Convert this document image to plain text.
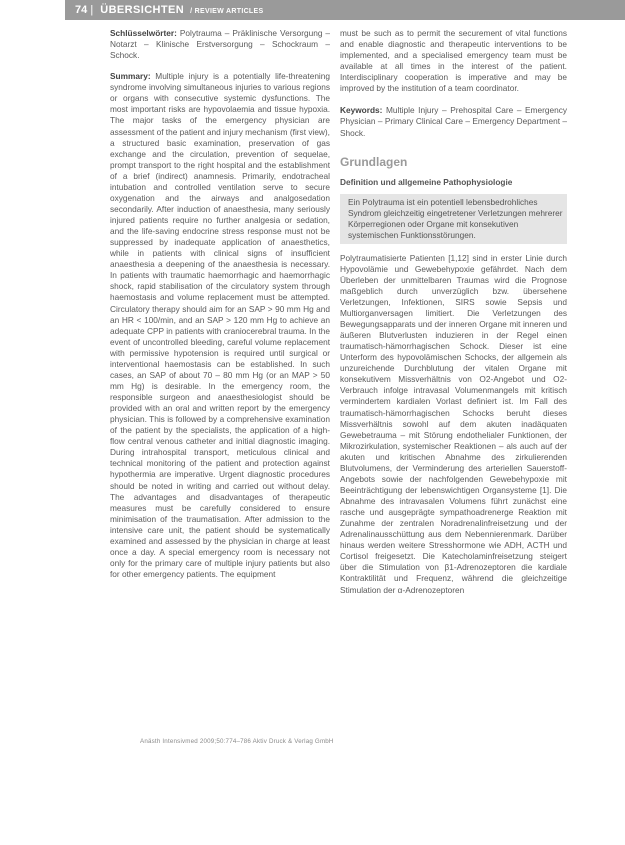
74 | ÜBERSICHTEN / REVIEW ARTICLES

Schlüsselwörter: Polytrauma – Präklinische Versorgung – Notarzt – Klinische Erstversorgung – Schockraum – Schock.

Summary: Multiple injury is a potentially life-threatening syndrome involving simultaneous injuries to various regions or organs with consecutive systemic dysfunctions. The most important risks are hypovolaemia and tissue hypoxia. The major tasks of the emergency physician are assessment of the patient and injury mechanism (first view), a structured basic examination, preservation of gas exchange and the circulation, prevention of sequelae, prompt transport to the right hospital and the establishment of a brief (indirect) anamnesis. Primarily, endotracheal intubation and controlled ventilation serve to secure oxygenation and the airways and analgosedation secondarily. After induction of anaesthesia, many seriously injured patients require no further analgesia or sedation, and the life-saving endocrine stress response must not be suppressed by inadequate application of anaesthetics, while in patients with clinical signs of insufficient anaesthesia a deepening of the anaesthesia is necessary. In patients with traumatic haemorrhagic and haemorrhagic shock, rapid stabilisation of the circulatory system through haemostasis and volume replacement must be attempted. Circulatory therapy should aim for an SAP > 90 mm Hg and an HR < 100/min, and an SAP > 120 mm Hg to achieve an adequate CPP in patients with craniocerebral trauma. In the event of uncontrolled bleeding, careful volume replacement with permissive hypotension is required until surgical or interventional haemostasis can be established. In such cases, an SAP of about 70 – 80 mm Hg (or an MAP > 50 mm Hg) is desirable. In the emergency room, the responsible surgeon and anaesthesiologist should be provided with an oral and written report by the emergency physician. This is followed by a comprehensive examination of the patient by the specialists, the application of a high-flow central venous catheter and initial diagnostic imaging. During intrahospital transport, meticulous clinical and technical monitoring of the patient and protection against hypothermia are imperative. Urgent diagnostic procedures should be noted in writing and carried out without delay. The advantages and disadvantages of therapeutic measures must be carefully considered to ensure minimisation of the traumatisation. After admission to the intensive care unit, the patient should be systematically examined and assessed by the physician in charge at least once a day. A special emergency room is necessary not only for the primary care of multiple injury patients but also for other emergency patients. The equipment

must be such as to permit the securement of vital functions and enable diagnostic and therapeutic interventions to be implemented, and a specialised emergency team must be available at all times in the interest of the patient. Interdisciplinary cooperation is imperative and may be improved by the institution of a team coordinator.

Keywords: Multiple Injury – Prehospital Care – Emergency Physician – Primary Clinical Care – Emergency Department – Shock.

Grundlagen
Definition und allgemeine Pathophysiologie
Ein Polytrauma ist ein potentiell lebensbedrohliches Syndrom gleichzeitig eingetretener Verletzungen mehrerer Körperregionen oder Organe mit konsekutiven systemischen Funktionsstörungen.

Polytraumatisierte Patienten [1,12] sind in erster Linie durch Hypovolämie und Gewebehypoxie gefährdet. Nach dem Überleben der unmittelbaren Traumas wird die Prognose maßgeblich durch unverzüglich bzw. übersehene Verletzungen, Infektionen, SIRS sowie Sepsis und Multiorganversagen limitiert. Die Verletzungen des Bewegungsapparats und der inneren Organe mit inneren und äußeren Blutverlusten induzieren in der Regel einen traumatisch-hämorrhagischen Schock. Dieser ist eine Unterform des hypovolämischen Schocks, der allgemein als unzureichende Durchblutung der vitalen Organe mit konsekutivem Missverhältnis von O2-Angebot und O2-Verbrauch infolge intravasal Volumenmangels mit kritisch vermindertem kardialen Vorlast definiert ist. Im Fall des traumatisch-hämorrhagischen Schocks beruht dieses Missverhältnis sowohl auf dem akuten inadäquaten Gewebetrauma – mit Störung endothelialer Funktionen, der Mikrozirkulation, systemischer Reaktionen – als auch auf der akuten und kritischen Abnahme des zirkulierenden Blutvolumens, der Verminderung des arteriellen Sauerstoff-Angebots sowie der nachfolgenden Gewebehypoxie mit Beeinträchtigung der lebenswichtigen Organsysteme [1]. Die Abnahme des intravasalen Volumens führt zunächst eine rasche und ausgeprägte sympathoadrenerge Reaktion mit Zunahme der zentralen Noradrenalinfreisetzung und der Adrenalinausschüttung aus dem Nebennierenmark. Darüber hinaus werden weitere Stresshormone wie ADH, ACTH und Cortisol freigesetzt. Die Katecholaminfreisetzung steigert über die Stimulation von β1-Adrenozeptoren die kardiale Kontraktilität und Frequenz, während die gleichzeitige Stimulation der α-Adrenozeptoren

Anästh Intensivmed 2009;50:774–786 Aktiv Druck & Verlag GmbH
